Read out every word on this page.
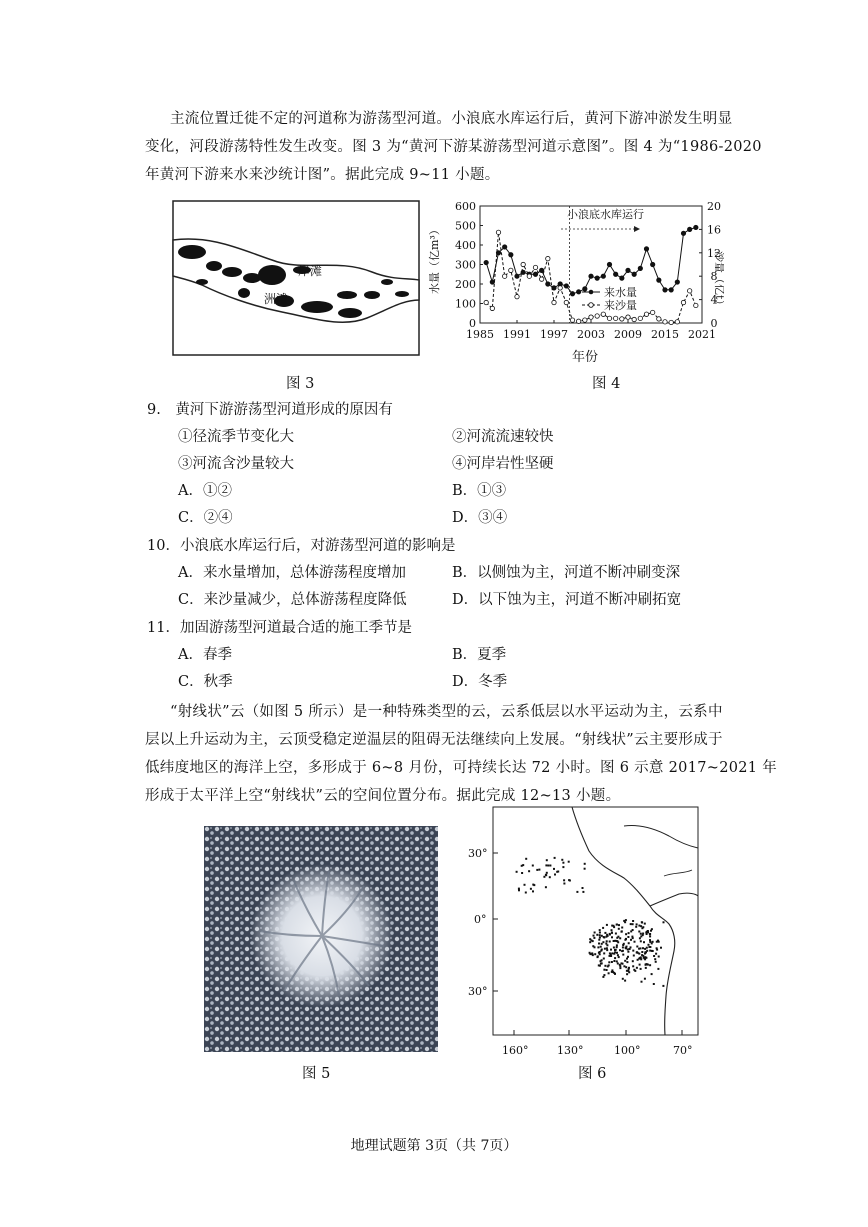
主流位置迁徙不定的河道称为游荡型河道。小浪底水库运行后，黄河下游冲淤发生明显
变化，河段游荡特性发生改变。图 3 为“黄河下游某游荡型河道示意图”。图 4 为“1986-2020
年黄河下游来水来沙统计图”。据此完成 9~11 小题。
岸滩
洲滩
图 3
0
100
200
300
400
500
600
0
4
8
12
16
20
1985 1991 1997 2003 2009 2015 2021
小浪底水库运行
水量（亿m³）	沙量（亿t）
来水量
来沙量
年份
图 4
9.　黄河下游游荡型河道形成的原因有
①径流季节变化大	②河流流速较快
③河流含沙量较大	④河岸岩性坚硬
A．①②	B．①③
C．②④	D．③④
10．小浪底水库运行后，对游荡型河道的影响是
A．来水量增加，总体游荡程度增加	B．以侧蚀为主，河道不断冲刷变深
C．来沙量减少，总体游荡程度降低	D．以下蚀为主，河道不断冲刷拓宽
11．加固游荡型河道最合适的施工季节是
A．春季	B．夏季
C．秋季	D．冬季
“射线状”云（如图 5 所示）是一种特殊类型的云，云系低层以水平运动为主，云系中
层以上升运动为主，云顶受稳定逆温层的阻碍无法继续向上发展。“射线状”云主要形成于
低纬度地区的海洋上空，多形成于 6~8 月份，可持续长达 72 小时。图 6 示意 2017~2021 年
形成于太平洋上空“射线状”云的空间位置分布。据此完成 12~13 小题。
图 5
30°
0°
30°
160°	130°	100°	70°
图 6
地理试题第 3页（共 7页）
